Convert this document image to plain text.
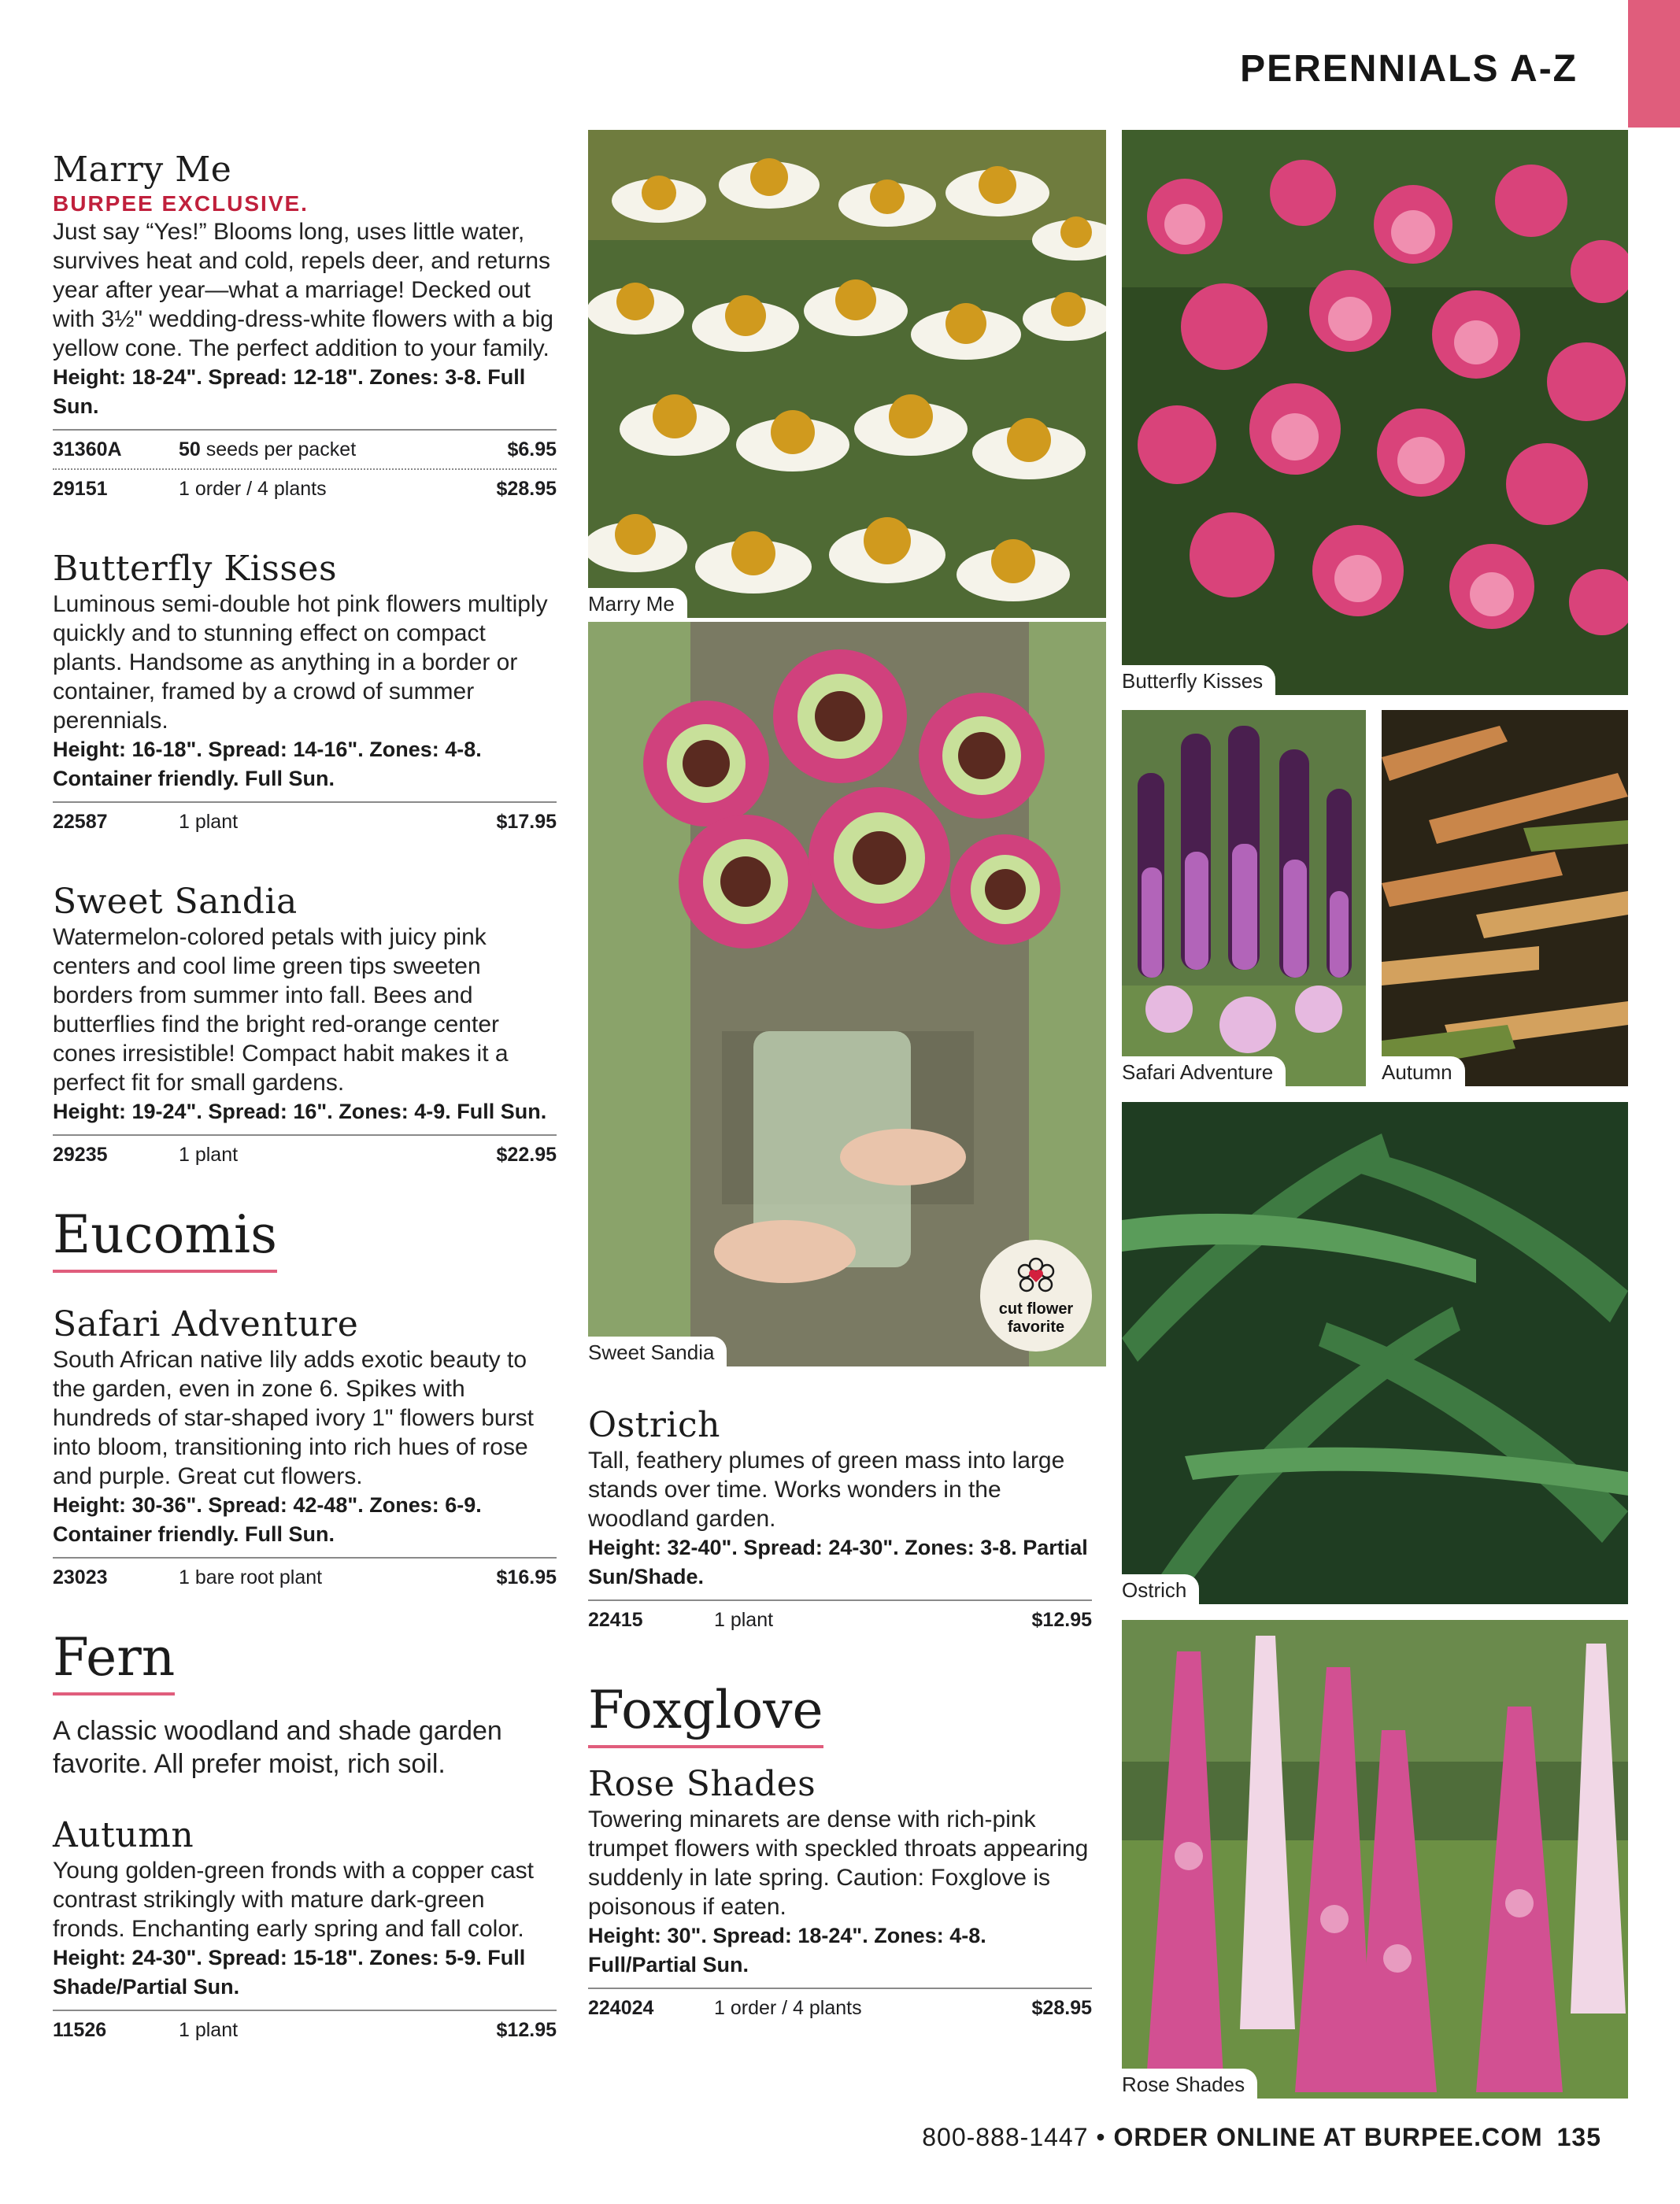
PERENNIALS A-Z
Marry Me
BURPEE EXCLUSIVE.
Just say “Yes!” Blooms long, uses little water, survives heat and cold, repels deer, and returns year after year—what a marriage! Decked out with 3½" wedding-dress-white flowers with a big yellow cone. The perfect addition to your family.
Height: 18-24". Spread: 12-18". Zones: 3-8. Full Sun.
31360A	50 seeds per packet	$6.95
29151	1 order / 4 plants	$28.95
Butterfly Kisses
Luminous semi-double hot pink flowers multiply quickly and to stunning effect on compact plants. Handsome as anything in a border or container, framed by a crowd of summer perennials.
Height: 16-18". Spread: 14-16". Zones: 4-8. Container friendly. Full Sun.
22587	1 plant	$17.95
Sweet Sandia
Watermelon-colored petals with juicy pink centers and cool lime green tips sweeten borders from summer into fall. Bees and butterflies find the bright red-orange center cones irresistible! Compact habit makes it a perfect fit for small gardens.
Height: 19-24". Spread: 16". Zones: 4-9. Full Sun.
29235	1 plant	$22.95
Eucomis
Safari Adventure
South African native lily adds exotic beauty to the garden, even in zone 6. Spikes with hundreds of star-shaped ivory 1" flowers burst into bloom, transitioning into rich hues of rose and purple. Great cut flowers.
Height: 30-36". Spread: 42-48". Zones: 6-9. Container friendly. Full Sun.
23023	1 bare root plant	$16.95
Fern
A classic woodland and shade garden favorite. All prefer moist, rich soil.
Autumn
Young golden-green fronds with a copper cast contrast strikingly with mature dark-green fronds. Enchanting early spring and fall color.
Height: 24-30". Spread: 15-18". Zones: 5-9. Full Shade/Partial Sun.
11526	1 plant	$12.95
Ostrich
Tall, feathery plumes of green mass into large stands over time. Works wonders in the woodland garden.
Height: 32-40". Spread: 24-30". Zones: 3-8. Partial Sun/Shade.
22415	1 plant	$12.95
Foxglove
Rose Shades
Towering minarets are dense with rich-pink trumpet flowers with speckled throats appearing suddenly in late spring. Caution: Foxglove is poisonous if eaten.
Height: 30". Spread: 18-24". Zones: 4-8. Full/Partial Sun.
224024	1 order / 4 plants	$28.95
Marry Me
Butterfly Kisses
Safari Adventure	Autumn
Sweet Sandia
Ostrich
Rose Shades
cut flower
favorite
800-888-1447 • ORDER ONLINE AT BURPEE.COM 135
